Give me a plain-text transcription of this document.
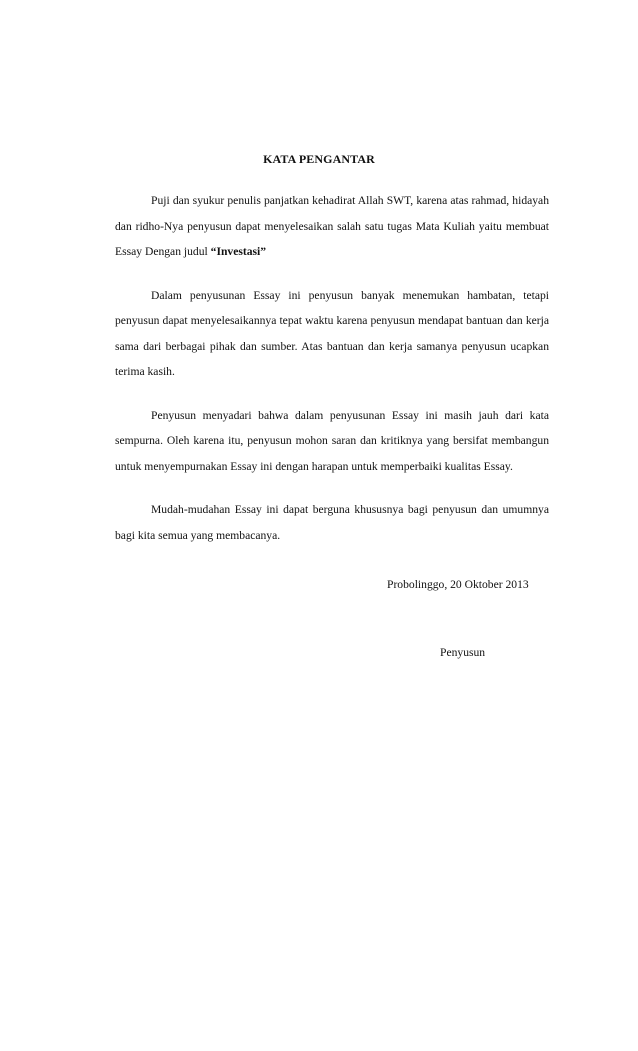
KATA PENGANTAR

Puji dan syukur penulis panjatkan kehadirat Allah SWT, karena atas rahmad, hidayah dan ridho-Nya penyusun dapat menyelesaikan salah satu tugas Mata Kuliah yaitu membuat Essay Dengan judul “Investasi”

Dalam penyusunan Essay ini penyusun banyak menemukan hambatan, tetapi penyusun dapat menyelesaikannya tepat waktu karena penyusun mendapat bantuan dan kerja sama dari berbagai pihak dan sumber. Atas bantuan dan kerja samanya penyusun ucapkan terima kasih.

Penyusun menyadari bahwa dalam penyusunan Essay ini masih jauh dari kata sempurna. Oleh karena itu, penyusun mohon saran dan kritiknya yang bersifat membangun untuk menyempurnakan Essay ini dengan harapan untuk memperbaiki kualitas Essay.

Mudah-mudahan Essay ini dapat berguna khususnya bagi penyusun dan umumnya bagi kita semua yang membacanya.

Probolinggo, 20 Oktober 2013
Penyusun
